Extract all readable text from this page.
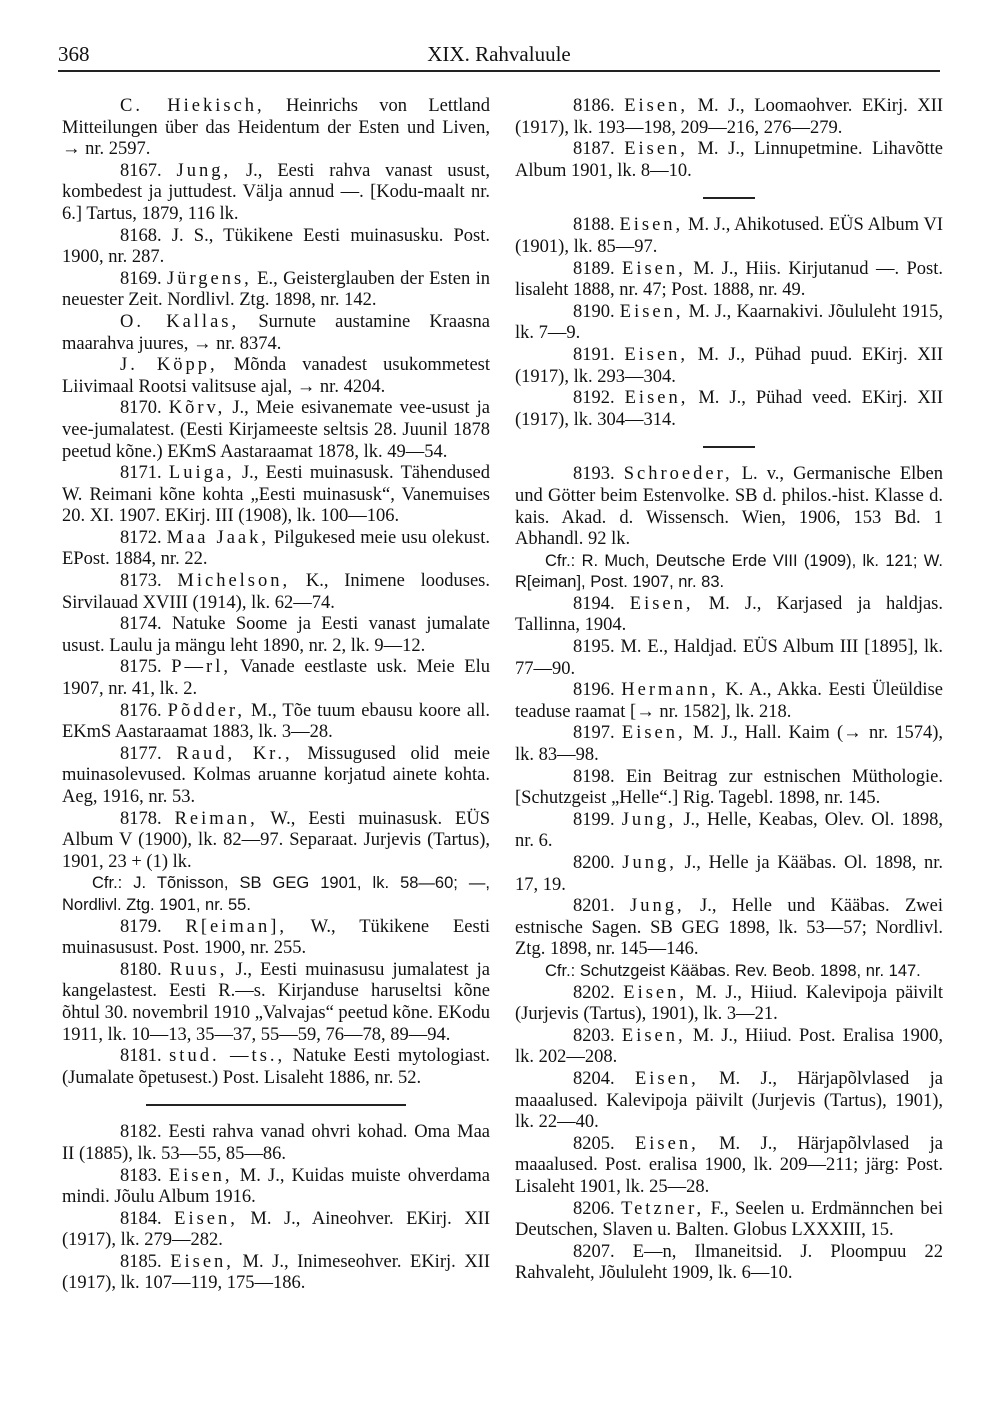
368	XIX. Rahvaluule

C. Hiekisch, Heinrichs von Lettland Mitteilungen über das Heidentum der Esten und Liven, → nr. 2597.

8167. Jung, J., Eesti rahva vanast usust, kombedest ja juttudest. Välja annud —. [Kodu-maalt nr. 6.] Tartus, 1879, 116 lk.

8168. J. S., Tükikene Eesti muinasusku. Post. 1900, nr. 287.

8169. Jürgens, E., Geisterglauben der Esten in neuester Zeit. Nordlivl. Ztg. 1898, nr. 142.

O. Kallas, Surnute austamine Kraasna maarahva juures, → nr. 8374.

J. Köpp, Mõnda vanadest usukommetest Liivimaal Rootsi valitsuse ajal, → nr. 4204.

8170. Kõrv, J., Meie esivanemate vee-usust ja vee-jumalatest. (Eesti Kirjameeste seltsis 28. Juunil 1878 peetud kõne.) EKmS Aastaraamat 1878, lk. 49—54.

8171. Luiga, J., Eesti muinasusk. Tähendused W. Reimani kõne kohta „Eesti muinasusk“, Vanemuises 20. XI. 1907. EKirj. III (1908), lk. 100—106.

8172. Maa Jaak, Pilgukesed meie usu olekust. EPost. 1884, nr. 22.

8173. Michelson, K., Inimene looduses. Sirvilauad XVIII (1914), lk. 62—74.

8174. Natuke Soome ja Eesti vanast jumalate usust. Laulu ja mängu leht 1890, nr. 2, lk. 9—12.

8175. P—rl, Vanade eestlaste usk. Meie Elu 1907, nr. 41, lk. 2.

8176. Põdder, M., Tõe tuum ebausu koore all. EKmS Aastaraamat 1883, lk. 3—28.

8177. Raud, Kr., Missugused olid meie muinasolevused. Kolmas aruanne korjatud ainete kohta. Aeg, 1916, nr. 53.

8178. Reiman, W., Eesti muinasusk. EÜS Album V (1900), lk. 82—97. Separaat. Jurjevis (Tartus), 1901, 23 + (1) lk.

Cfr.: J. Tõnisson, SB GEG 1901, lk. 58—60; —, Nordlivl. Ztg. 1901, nr. 55.

8179. R[eiman], W., Tükikene Eesti muinasusust. Post. 1900, nr. 255.

8180. Ruus, J., Eesti muinasusu jumalatest ja kangelastest. Eesti R.—s. Kirjanduse haruseltsi kõne õhtul 30. novembril 1910 „Valvajas“ peetud kõne. EKodu 1911, lk. 10—13, 35—37, 55—59, 76—78, 89—94.

8181. stud. —ts., Natuke Eesti mytologiast. (Jumalate õpetusest.) Post. Lisaleht 1886, nr. 52.

8182. Eesti rahva vanad ohvri kohad. Oma Maa II (1885), lk. 53—55, 85—86.

8183. Eisen, M. J., Kuidas muiste ohverdama mindi. Jõulu Album 1916.

8184. Eisen, M. J., Aineohver. EKirj. XII (1917), lk. 279—282.

8185. Eisen, M. J., Inimeseohver. EKirj. XII (1917), lk. 107—119, 175—186.

8186. Eisen, M. J., Loomaohver. EKirj. XII (1917), lk. 193—198, 209—216, 276—279.

8187. Eisen, M. J., Linnupetmine. Lihavõtte Album 1901, lk. 8—10.

8188. Eisen, M. J., Ahikotused. EÜS Album VI (1901), lk. 85—97.

8189. Eisen, M. J., Hiis. Kirjutanud —. Post. lisaleht 1888, nr. 47; Post. 1888, nr. 49.

8190. Eisen, M. J., Kaarnakivi. Jõululeht 1915, lk. 7—9.

8191. Eisen, M. J., Pühad puud. EKirj. XII (1917), lk. 293—304.

8192. Eisen, M. J., Pühad veed. EKirj. XII (1917), lk. 304—314.

8193. Schroeder, L. v., Germanische Elben und Götter beim Estenvolke. SB d. philos.-hist. Klasse d. kais. Akad. d. Wissensch. Wien, 1906, 153 Bd. 1 Abhandl. 92 lk.

Cfr.: R. Much, Deutsche Erde VIII (1909), lk. 121; W. R[eiman], Post. 1907, nr. 83.

8194. Eisen, M. J., Karjased ja haldjas. Tallinna, 1904.

8195. M. E., Haldjad. EÜS Album III [1895], lk. 77—90.

8196. Hermann, K. A., Akka. Eesti Üleüldise teaduse raamat [→ nr. 1582], lk. 218.

8197. Eisen, M. J., Hall. Kaim (→ nr. 1574), lk. 83—98.

8198. Ein Beitrag zur estnischen Müthologie. [Schutzgeist „Helle“.] Rig. Tagebl. 1898, nr. 145.

8199. Jung, J., Helle, Keabas, Olev. Ol. 1898, nr. 6.

8200. Jung, J., Helle ja Kääbas. Ol. 1898, nr. 17, 19.

8201. Jung, J., Helle und Kääbas. Zwei estnische Sagen. SB GEG 1898, lk. 53—57; Nordlivl. Ztg. 1898, nr. 145—146.

Cfr.: Schutzgeist Kääbas. Rev. Beob. 1898, nr. 147.

8202. Eisen, M. J., Hiiud. Kalevipoja päivilt (Jurjevis (Tartus), 1901), lk. 3—21.

8203. Eisen, M. J., Hiiud. Post. Eralisa 1900, lk. 202—208.

8204. Eisen, M. J., Härjapõlvlased ja maaalused. Kalevipoja päivilt (Jurjevis (Tartus), 1901), lk. 22—40.

8205. Eisen, M. J., Härjapõlvlased ja maaalused. Post. eralisa 1900, lk. 209—211; järg: Post. Lisaleht 1901, lk. 25—28.

8206. Tetzner, F., Seelen u. Erdmännchen bei Deutschen, Slaven u. Balten. Globus LXXXIII, 15.

8207. E—n, Ilmaneitsid. J. Ploompuu 22 Rahvaleht, Jõululeht 1909, lk. 6—10.
